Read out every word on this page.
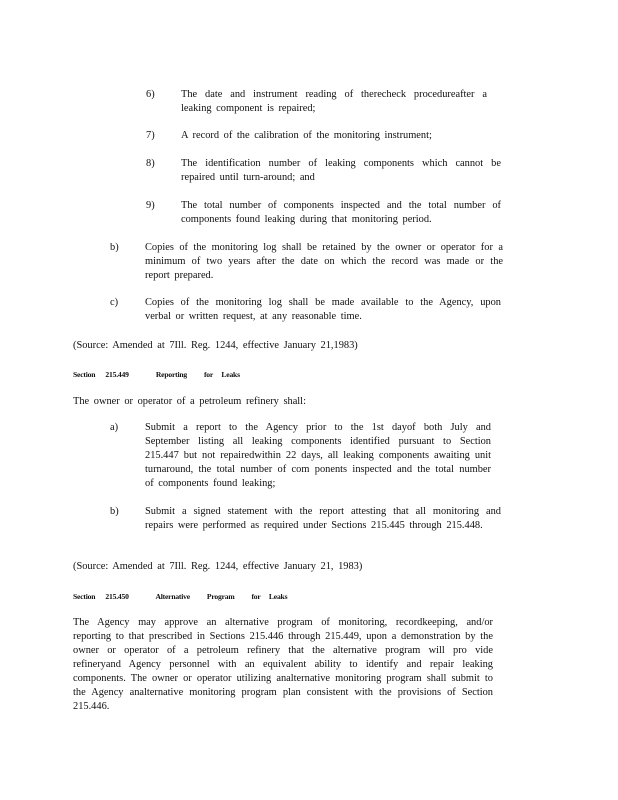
6)	The date and instrument reading of therecheck procedureafter a leaking component is repaired;
7)	A record of the calibration of the monitoring instrument;
8)	The identification number of leaking components which cannot be repaired until turn-around; and
9)	The total number of components inspected and the total number of components found leaking during that monitoring period.
b)	Copies of the monitoring log shall be retained by the owner or operator for a minimum of two years after the date on which the record was made or the report prepared.
c)	Copies of the monitoring log shall be made available to the Agency, upon verbal or written request, at any reasonable time.
(Source: Amended at 7Ill. Reg. 1244, effective January 21,1983)
Section      215.449                Reporting          for     Leaks
The owner or operator of a petroleum refinery shall:
a)	Submit a report to the Agency prior to the 1st dayof both July and September listing all leaking components identified pursuant to Section 215.447 but not repairedwithin 22 days, all leaking components awaiting unit turnaround, the total number of com ponents inspected and the total number of components found leaking;
b)	Submit a signed statement with the report attesting that all monitoring and repairs were performed as required under Sections 215.445 through 215.448.
(Source: Amended at 7Ill. Reg. 1244, effective January 21, 1983)
Section      215.450                Alternative          Program          for     Leaks
The Agency may approve an alternative program of monitoring, recordkeeping, and/or reporting to that prescribed in Sections 215.446 through 215.449, upon a demonstration by the owner or operator of a petroleum refinery that the alternative program will pro vide refineryand Agency personnel with an equivalent ability to identify and repair leaking components. The owner or operator utilizing analternative monitoring program shall submit to the Agency analternative monitoring program plan consistent with the provisions of Section 215.446.
